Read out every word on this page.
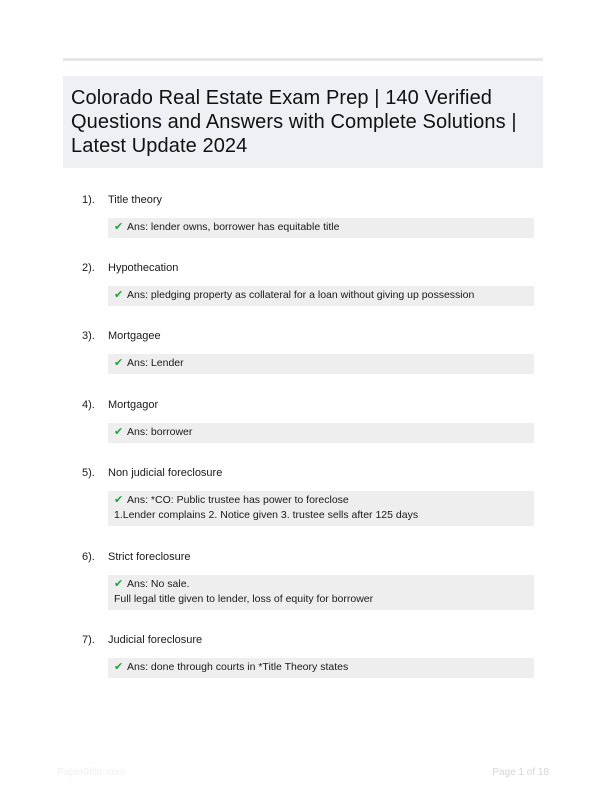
Colorado Real Estate Exam Prep | 140 Verified Questions and Answers with Complete Solutions | Latest Update 2024
1). Title theory
✔ Ans: lender owns, borrower has equitable title
2). Hypothecation
✔ Ans: pledging property as collateral for a loan without giving up possession
3). Mortgagee
✔ Ans: Lender
4). Mortgagor
✔ Ans: borrower
5). Non judicial foreclosure
✔ Ans: *CO: Public trustee has power to foreclose
1.Lender complains 2. Notice given 3. trustee sells after 125 days
6). Strict foreclosure
✔ Ans: No sale.
Full legal title given to lender, loss of equity for borrower
7). Judicial foreclosure
✔ Ans: done through courts in *Title Theory states
Paper9ltlic.com	Page 1 of 18
